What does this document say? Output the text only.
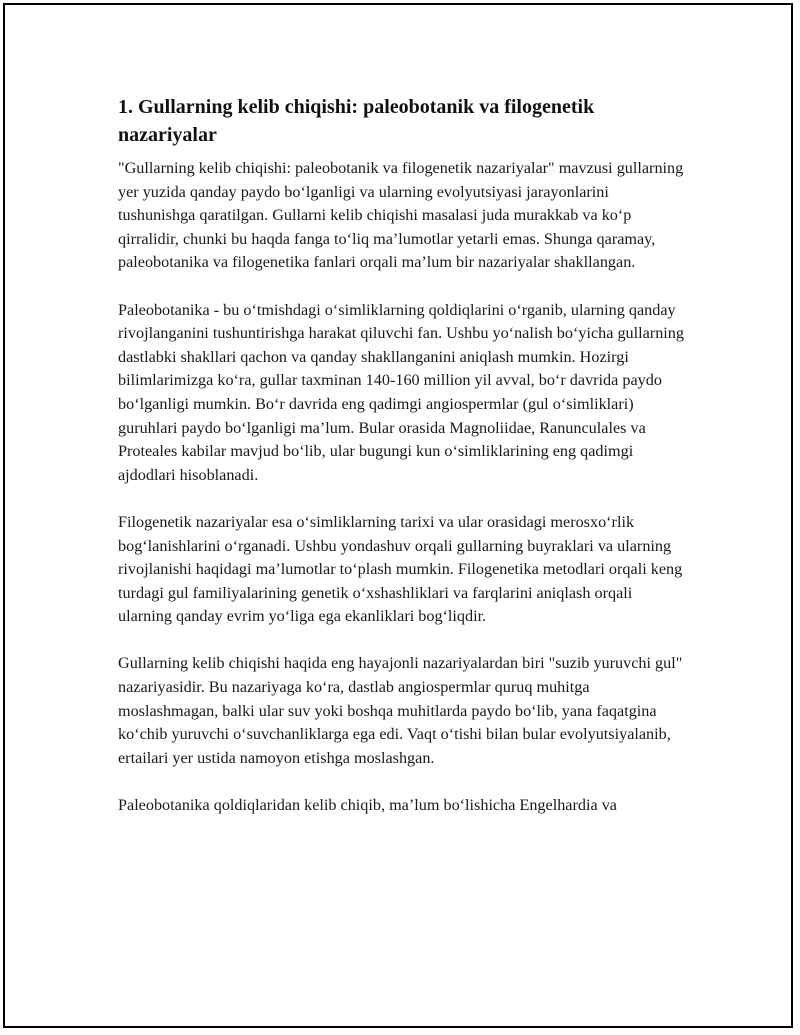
1. Gullarning kelib chiqishi: paleobotanik va filogenetik nazariyalar

"Gullarning kelib chiqishi: paleobotanik va filogenetik nazariyalar" mavzusi gullarning yer yuzida qanday paydo bo‘lganligi va ularning evolyutsiyasi jarayonlarini tushunishga qaratilgan. Gullarni kelib chiqishi masalasi juda murakkab va ko‘p qirralidir, chunki bu haqda fanga to‘liq ma’lumotlar yetarli emas. Shunga qaramay, paleobotanika va filogenetika fanlari orqali ma’lum bir nazariyalar shakllangan.

Paleobotanika - bu o‘tmishdagi o‘simliklarning qoldiqlarini o‘rganib, ularning qanday rivojlanganini tushuntirishga harakat qiluvchi fan. Ushbu yo‘nalish bo‘yicha gullarning dastlabki shakllari qachon va qanday shakllanganini aniqlash mumkin. Hozirgi bilimlarimizga ko‘ra, gullar taxminan 140-160 million yil avval, bo‘r davrida paydo bo‘lganligi mumkin. Bo‘r davrida eng qadimgi angiospermlar (gul o‘simliklari) guruhlari paydo bo‘lganligi ma’lum. Bular orasida Magnoliidae, Ranunculales va Proteales kabilar mavjud bo‘lib, ular bugungi kun o‘simliklarining eng qadimgi ajdodlari hisoblanadi.

Filogenetik nazariyalar esa o‘simliklarning tarixi va ular orasidagi merosxo‘rlik bog‘lanishlarini o‘rganadi. Ushbu yondashuv orqali gullarning buyraklari va ularning rivojlanishi haqidagi ma’lumotlar to‘plash mumkin. Filogenetika metodlari orqali keng turdagi gul familiyalarining genetik o‘xshashliklari va farqlarini aniqlash orqali ularning qanday evrim yo‘liga ega ekanliklari bog‘liqdir.

Gullarning kelib chiqishi haqida eng hayajonli nazariyalardan biri "suzib yuruvchi gul" nazariyasidir. Bu nazariyaga ko‘ra, dastlab angiospermlar quruq muhitga moslashmagan, balki ular suv yoki boshqa muhitlarda paydo bo‘lib, yana faqatgina ko‘chib yuruvchi o‘suvchanliklarga ega edi. Vaqt o‘tishi bilan bular evolyutsiyalanib, ertailari yer ustida namoyon etishga moslashgan.

Paleobotanika qoldiqlaridan kelib chiqib, ma’lum bo‘lishicha Engelhardia va
